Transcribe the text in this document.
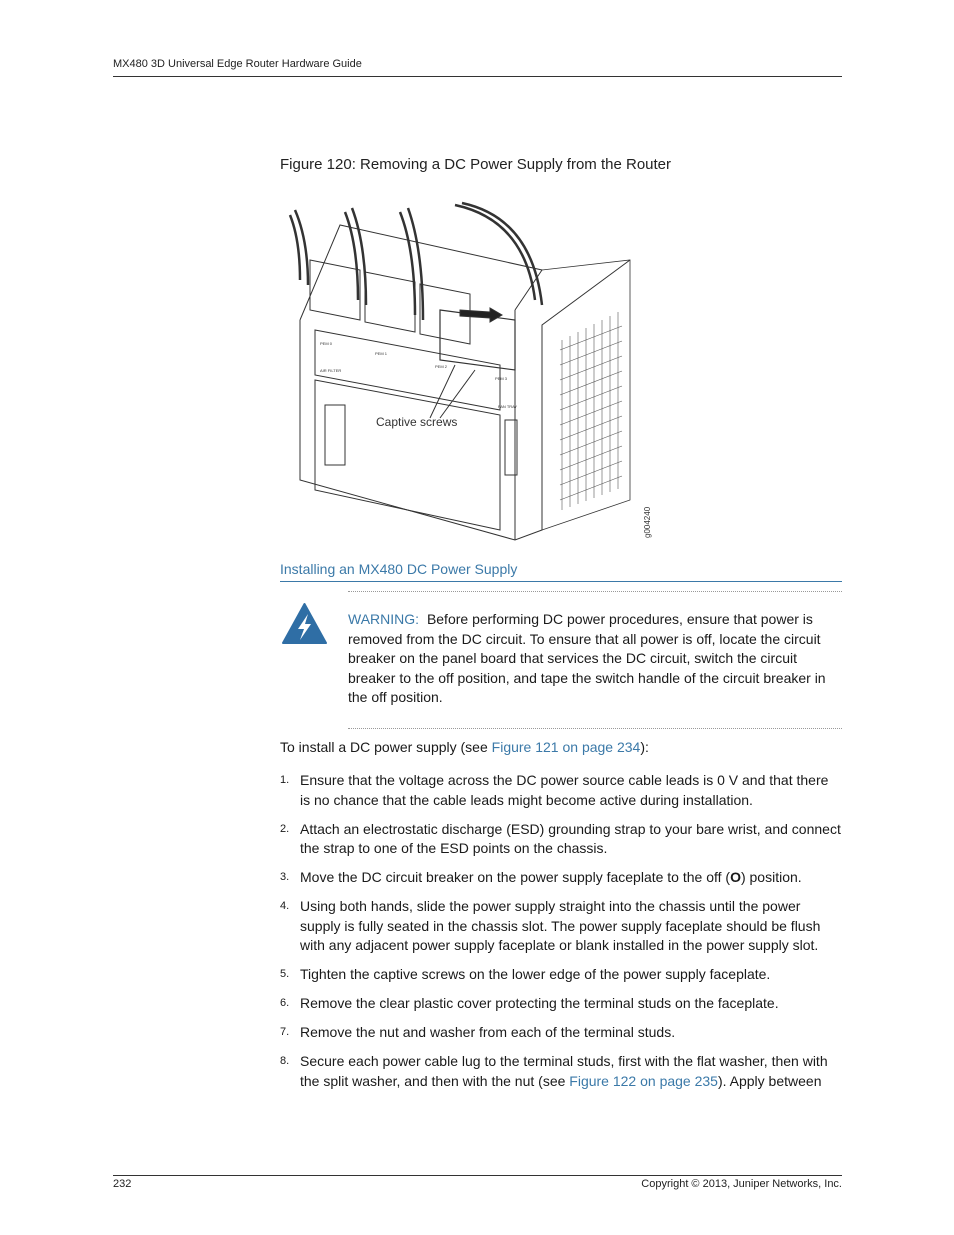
MX480 3D Universal Edge Router Hardware Guide
Figure 120: Removing a DC Power Supply from the Router
PEM 0
PEM 1
PEM 2
PEM 3
AIR FILTER
FAN TRAY
Captive screws
g004240
Installing an MX480 DC Power Supply
WARNING: Before performing DC power procedures, ensure that power is removed from the DC circuit. To ensure that all power is off, locate the circuit breaker on the panel board that services the DC circuit, switch the circuit breaker to the off position, and tape the switch handle of the circuit breaker in the off position.
To install a DC power supply (see Figure 121 on page 234):
1. Ensure that the voltage across the DC power source cable leads is 0 V and that there is no chance that the cable leads might become active during installation.
2. Attach an electrostatic discharge (ESD) grounding strap to your bare wrist, and connect the strap to one of the ESD points on the chassis.
3. Move the DC circuit breaker on the power supply faceplate to the off (O) position.
4. Using both hands, slide the power supply straight into the chassis until the power supply is fully seated in the chassis slot. The power supply faceplate should be flush with any adjacent power supply faceplate or blank installed in the power supply slot.
5. Tighten the captive screws on the lower edge of the power supply faceplate.
6. Remove the clear plastic cover protecting the terminal studs on the faceplate.
7. Remove the nut and washer from each of the terminal studs.
8. Secure each power cable lug to the terminal studs, first with the flat washer, then with the split washer, and then with the nut (see Figure 122 on page 235). Apply between
232	Copyright © 2013, Juniper Networks, Inc.
